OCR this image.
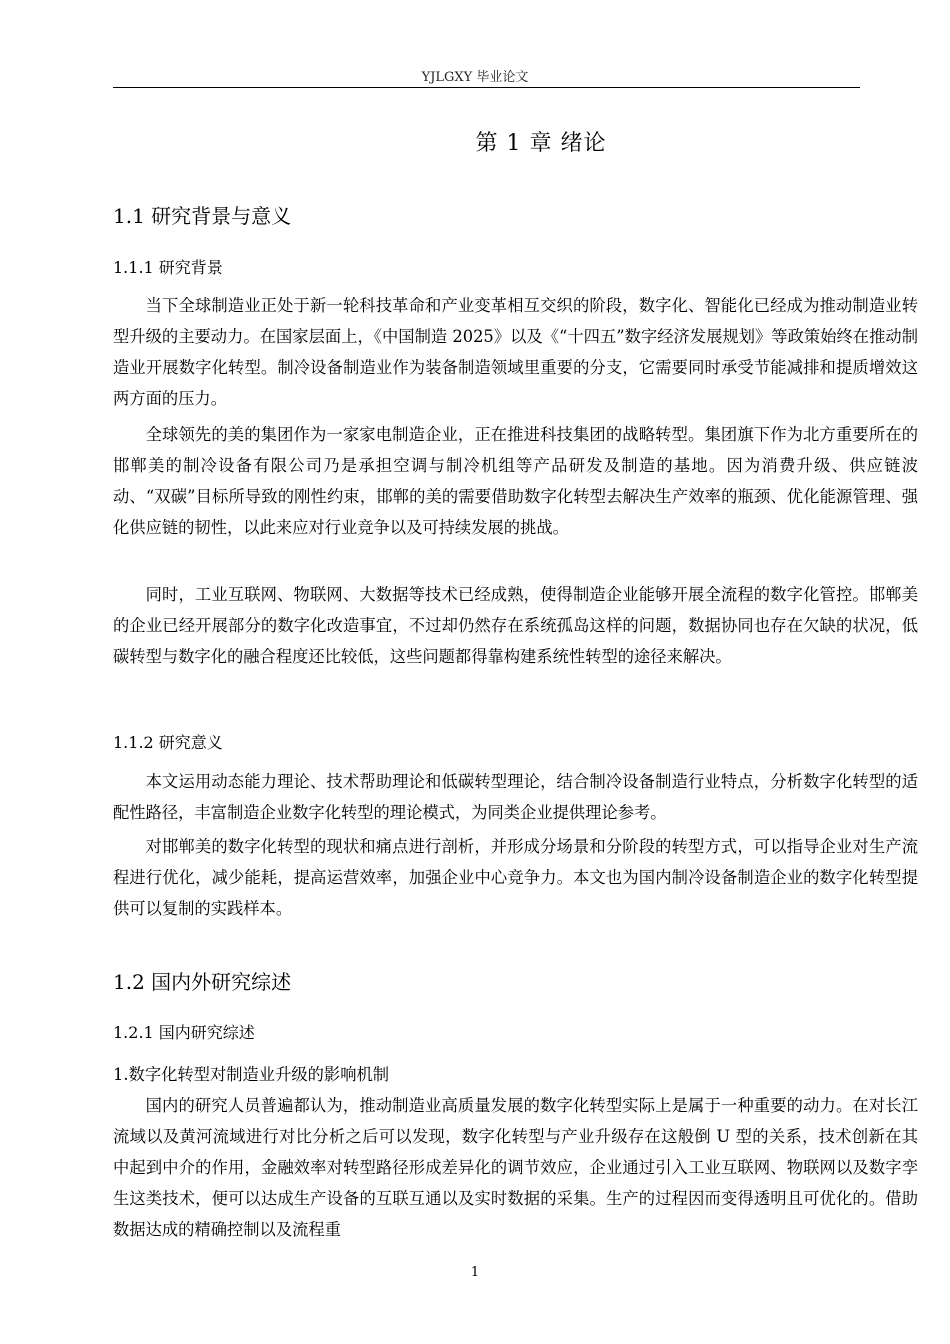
YJLGXY 毕业论文
第 1 章 绪论
1.1 研究背景与意义
1.1.1 研究背景

当下全球制造业正处于新一轮科技革命和产业变革相互交织的阶段，数字化、智能化已经成为推动制造业转型升级的主要动力。在国家层面上，《中国制造 2025》以及《“十四五”数字经济发展规划》等政策始终在推动制造业开展数字化转型。制冷设备制造业作为装备制造领域里重要的分支，它需要同时承受节能减排和提质增效这两方面的压力。

全球领先的美的集团作为一家家电制造企业，正在推进科技集团的战略转型。集团旗下作为北方重要所在的邯郸美的制冷设备有限公司乃是承担空调与制冷机组等产品研发及制造的基地。因为消费升级、供应链波动、“双碳”目标所导致的刚性约束，邯郸的美的需要借助数字化转型去解决生产效率的瓶颈、优化能源管理、强化供应链的韧性，以此来应对行业竞争以及可持续发展的挑战。

同时，工业互联网、物联网、大数据等技术已经成熟，使得制造企业能够开展全流程的数字化管控。邯郸美的企业已经开展部分的数字化改造事宜，不过却仍然存在系统孤岛这样的问题，数据协同也存在欠缺的状况，低碳转型与数字化的融合程度还比较低，这些问题都得靠构建系统性转型的途径来解决。

1.1.2 研究意义

本文运用动态能力理论、技术帮助理论和低碳转型理论，结合制冷设备制造行业特点，分析数字化转型的适配性路径，丰富制造企业数字化转型的理论模式，为同类企业提供理论参考。

对邯郸美的数字化转型的现状和痛点进行剖析，并形成分场景和分阶段的转型方式，可以指导企业对生产流程进行优化，减少能耗，提高运营效率，加强企业中心竞争力。本文也为国内制冷设备制造企业的数字化转型提供可以复制的实践样本。

1.2 国内外研究综述
1.2.1 国内研究综述
1.数字化转型对制造业升级的影响机制

国内的研究人员普遍都认为，推动制造业高质量发展的数字化转型实际上是属于一种重要的动力。在对长江流域以及黄河流域进行对比分析之后可以发现，数字化转型与产业升级存在这般倒 U 型的关系，技术创新在其中起到中介的作用，金融效率对转型路径形成差异化的调节效应，企业通过引入工业互联网、物联网以及数字孪生这类技术，便可以达成生产设备的互联互通以及实时数据的采集。生产的过程因而变得透明且可优化的。借助数据达成的精确控制以及流程重

1
